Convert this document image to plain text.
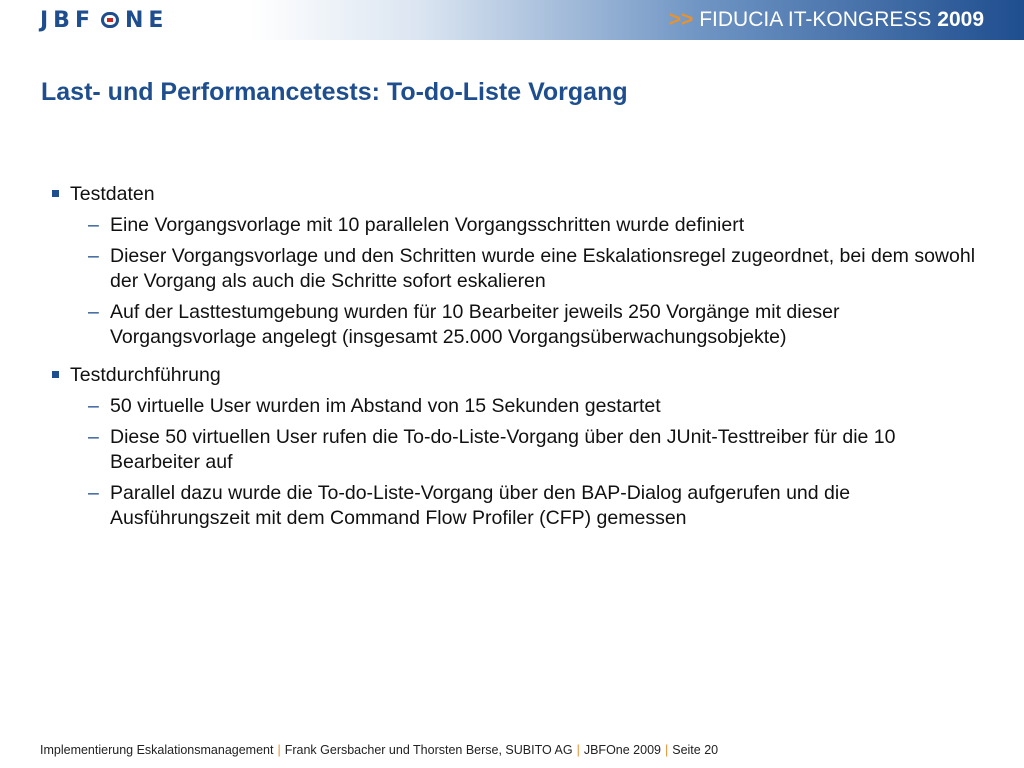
JBF NE	>> FIDUCIA IT-KONGRESS 2009
Last- und Performancetests: To-do-Liste Vorgang
Testdaten
– Eine Vorgangsvorlage mit 10 parallelen Vorgangsschritten wurde definiert
– Dieser Vorgangsvorlage und den Schritten wurde eine Eskalationsregel zugeordnet, bei dem sowohl der Vorgang als auch die Schritte sofort eskalieren
– Auf der Lasttestumgebung wurden für 10 Bearbeiter jeweils 250 Vorgänge mit dieser Vorgangsvorlage angelegt (insgesamt 25.000 Vorgangsüberwachungsobjekte)
Testdurchführung
– 50 virtuelle User wurden im Abstand von 15 Sekunden gestartet
– Diese 50 virtuellen User rufen die To-do-Liste-Vorgang über den JUnit-Testtreiber für die 10 Bearbeiter auf
– Parallel dazu wurde die To-do-Liste-Vorgang über den BAP-Dialog aufgerufen und die Ausführungszeit mit dem Command Flow Profiler (CFP) gemessen
Implementierung Eskalationsmanagement | Frank Gersbacher und Thorsten Berse, SUBITO AG | JBFOne 2009 | Seite 20
